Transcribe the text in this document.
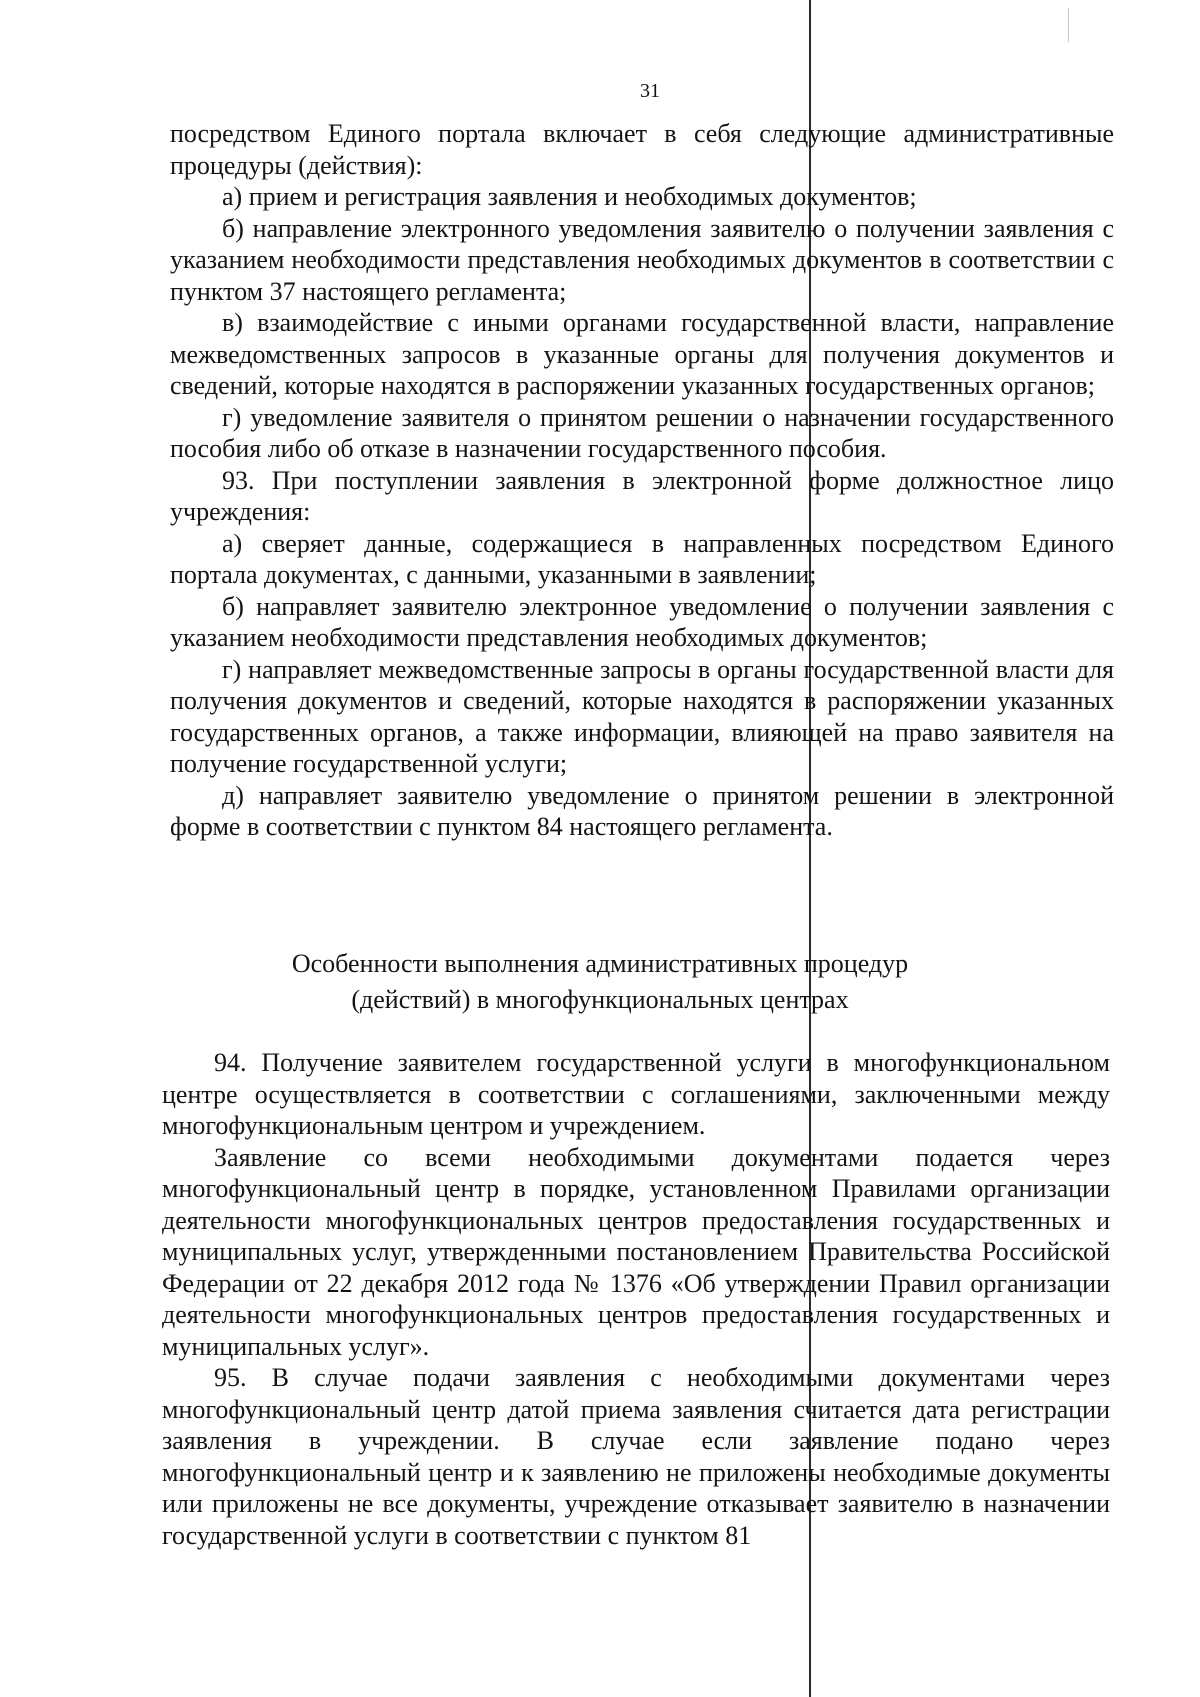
31

посредством Единого портала включает в себя следующие административные процедуры (действия):

а) прием и регистрация заявления и необходимых документов;

б) направление электронного уведомления заявителю о получении заявления с указанием необходимости представления необходимых документов в соответствии с пунктом 37 настоящего регламента;

в) взаимодействие с иными органами государственной власти, направление межведомственных запросов в указанные органы для получения документов и сведений, которые находятся в распоряжении указанных государственных органов;

г) уведомление заявителя о принятом решении о назначении государственного пособия либо об отказе в назначении государственного пособия.

93. При поступлении заявления в электронной форме должностное лицо учреждения:

а) сверяет данные, содержащиеся в направленных посредством Единого портала документах, с данными, указанными в заявлении;

б) направляет заявителю электронное уведомление о получении заявления с указанием необходимости представления необходимых документов;

г) направляет межведомственные запросы в органы государственной власти для получения документов и сведений, которые находятся в распоряжении указанных государственных органов, а также информации, влияющей на право заявителя на получение государственной услуги;

д) направляет заявителю уведомление о принятом решении в электронной форме в соответствии с пунктом 84 настоящего регламента.

Особенности выполнения административных процедур
(действий) в многофункциональных центрах

94. Получение заявителем государственной услуги в многофункциональном центре осуществляется в соответствии с соглашениями, заключенными между многофункциональным центром и учреждением.

Заявление со всеми необходимыми документами подается через многофункциональный центр в порядке, установленном Правилами организации деятельности многофункциональных центров предоставления государственных и муниципальных услуг, утвержденными постановлением Правительства Российской Федерации от 22 декабря 2012 года № 1376 «Об утверждении Правил организации деятельности многофункциональных центров предоставления государственных и муниципальных услуг».

95. В случае подачи заявления с необходимыми документами через многофункциональный центр датой приема заявления считается дата регистрации заявления в учреждении. В случае если заявление подано через многофункциональный центр и к заявлению не приложены необходимые документы или приложены не все документы, учреждение отказывает заявителю в назначении государственной услуги в соответствии с пунктом 81
